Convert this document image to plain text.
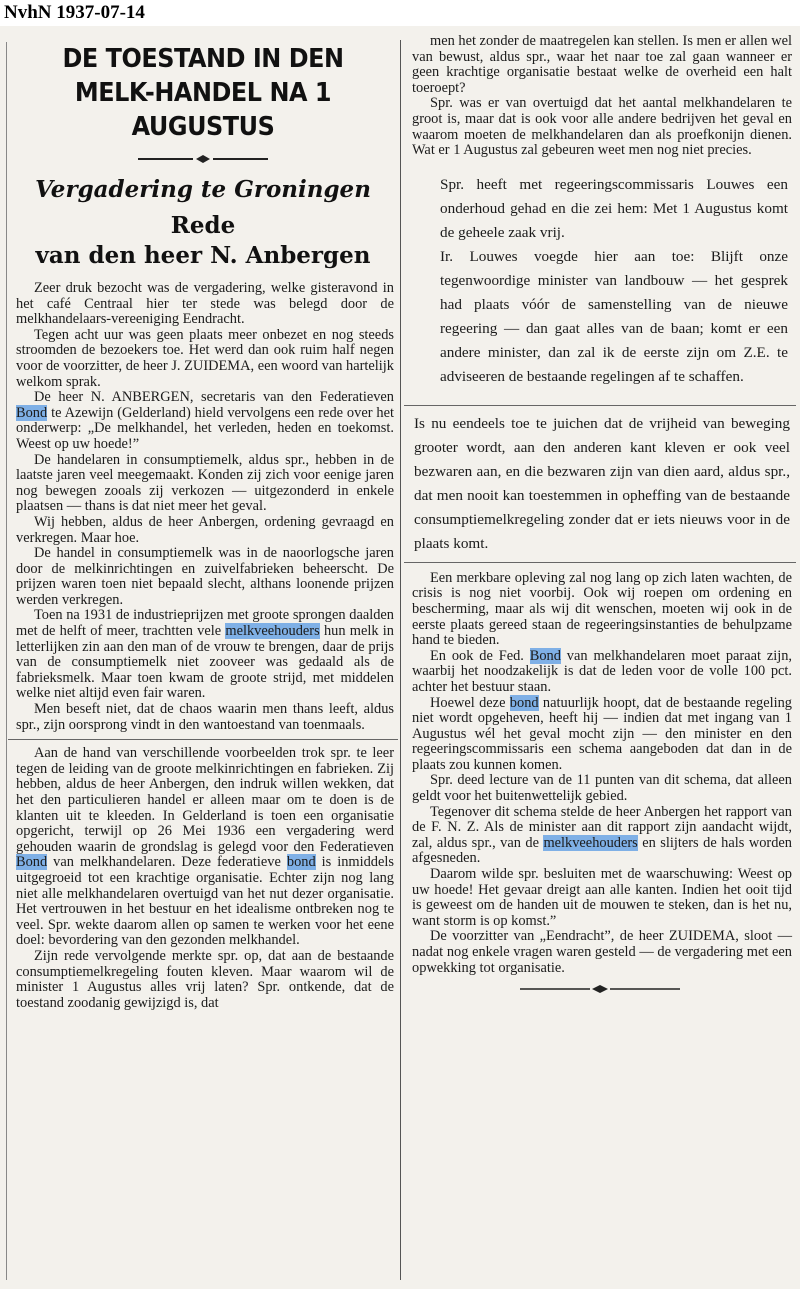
NvhN 1937-07-14
DE TOESTAND IN DEN MELK-HANDEL NA 1 AUGUSTUS
Vergadering te Groningen
Rede
van den heer N. Anbergen
Zeer druk bezocht was de vergadering, welke gisteravond in het café Centraal hier ter stede was belegd door de melkhandelaars-vereeniging Eendracht.
Tegen acht uur was geen plaats meer onbezet en nog steeds stroomden de bezoekers toe. Het werd dan ook ruim half negen voor de voorzitter, de heer J. ZUIDEMA, een woord van hartelijk welkom sprak.
De heer N. ANBERGEN, secretaris van den Federatieven Bond te Azewijn (Gelderland) hield vervolgens een rede over het onderwerp: „De melkhandel, het verleden, heden en toekomst. Weest op uw hoede!”
De handelaren in consumptiemelk, aldus spr., hebben in de laatste jaren veel meegemaakt. Konden zij zich voor eenige jaren nog bewegen zooals zij verkozen — uitgezonderd in enkele plaatsen — thans is dat niet meer het geval.
Wij hebben, aldus de heer Anbergen, ordening gevraagd en verkregen. Maar hoe.
De handel in consumptiemelk was in de naoorlogsche jaren door de melkinrichtingen en zuivelfabrieken beheerscht. De prijzen waren toen niet bepaald slecht, althans loonende prijzen werden verkregen.
Toen na 1931 de industrieprijzen met groote sprongen daalden met de helft of meer, trachtten vele melkveehouders hun melk in letterlijken zin aan den man of de vrouw te brengen, daar de prijs van de consumptiemelk niet zooveer was gedaald als de fabrieksmelk. Maar toen kwam de groote strijd, met middelen welke niet altijd even fair waren.
Men beseft niet, dat de chaos waarin men thans leeft, aldus spr., zijn oorsprong vindt in den wantoestand van toenmaals.
Aan de hand van verschillende voorbeelden trok spr. te leer tegen de leiding van de groote melkinrichtingen en fabrieken. Zij hebben, aldus de heer Anbergen, den indruk willen wekken, dat het den particulieren handel er alleen maar om te doen is de klanten uit te kleeden. In Gelderland is toen een organisatie opgericht, terwijl op 26 Mei 1936 een vergadering werd gehouden waarin de grondslag is gelegd voor den Federatieven Bond van melkhandelaren. Deze federatieve bond is inmiddels uitgegroeid tot een krachtige organisatie. Echter zijn nog lang niet alle melkhandelaren overtuigd van het nut dezer organisatie. Het vertrouwen in het bestuur en het idealisme ontbreken nog te veel. Spr. wekte daarom allen op samen te werken voor het eene doel: bevordering van den gezonden melkhandel.
Zijn rede vervolgende merkte spr. op, dat aan de bestaande consumptiemelkregeling fouten kleven. Maar waarom wil de minister 1 Augustus alles vrij laten? Spr. ontkende, dat de toestand zoodanig gewijzigd is, dat
men het zonder de maatregelen kan stellen. Is men er allen wel van bewust, aldus spr., waar het naar toe zal gaan wanneer er geen krachtige organisatie bestaat welke de overheid een halt toeroept?
Spr. was er van overtuigd dat het aantal melkhandelaren te groot is, maar dat is ook voor alle andere bedrijven het geval en waarom moeten de melkhandelaren dan als proefkonijn dienen. Wat er 1 Augustus zal gebeuren weet men nog niet precies.
Spr. heeft met regeeringscommissaris Louwes een onderhoud gehad en die zei hem: Met 1 Augustus komt de geheele zaak vrij.
Ir. Louwes voegde hier aan toe: Blijft onze tegenwoordige minister van landbouw — het gesprek had plaats vóór de samenstelling van de nieuwe regeering — dan gaat alles van de baan; komt er een andere minister, dan zal ik de eerste zijn om Z.E. te adviseeren de bestaande regelingen af te schaffen.
Is nu eendeels toe te juichen dat de vrijheid van beweging grooter wordt, aan den anderen kant kleven er ook veel bezwaren aan, en die bezwaren zijn van dien aard, aldus spr., dat men nooit kan toestemmen in opheffing van de bestaande consumptiemelkregeling zonder dat er iets nieuws voor in de plaats komt.
Een merkbare opleving zal nog lang op zich laten wachten, de crisis is nog niet voorbij. Ook wij roepen om ordening en bescherming, maar als wij dit wenschen, moeten wij ook in de eerste plaats gereed staan de regeeringsinstanties de behulpzame hand te bieden.
En ook de Fed. Bond van melkhandelaren moet paraat zijn, waarbij het noodzakelijk is dat de leden voor de volle 100 pct. achter het bestuur staan.
Hoewel deze bond natuurlijk hoopt, dat de bestaande regeling niet wordt opgeheven, heeft hij — indien dat met ingang van 1 Augustus wél het geval mocht zijn — den minister en den regeeringscommissaris een schema aangeboden dat dan in de plaats zou kunnen komen.
Spr. deed lecture van de 11 punten van dit schema, dat alleen geldt voor het buitenwettelijk gebied.
Tegenover dit schema stelde de heer Anbergen het rapport van de F. N. Z. Als de minister aan dit rapport zijn aandacht wijdt, zal, aldus spr., van de melkveehouders en slijters de hals worden afgesneden.
Daarom wilde spr. besluiten met de waarschuwing: Weest op uw hoede! Het gevaar dreigt aan alle kanten. Indien het ooit tijd is geweest om de handen uit de mouwen te steken, dan is het nu, want storm is op komst.”
De voorzitter van „Eendracht”, de heer ZUIDEMA, sloot — nadat nog enkele vragen waren gesteld — de vergadering met een opwekking tot organisatie.
